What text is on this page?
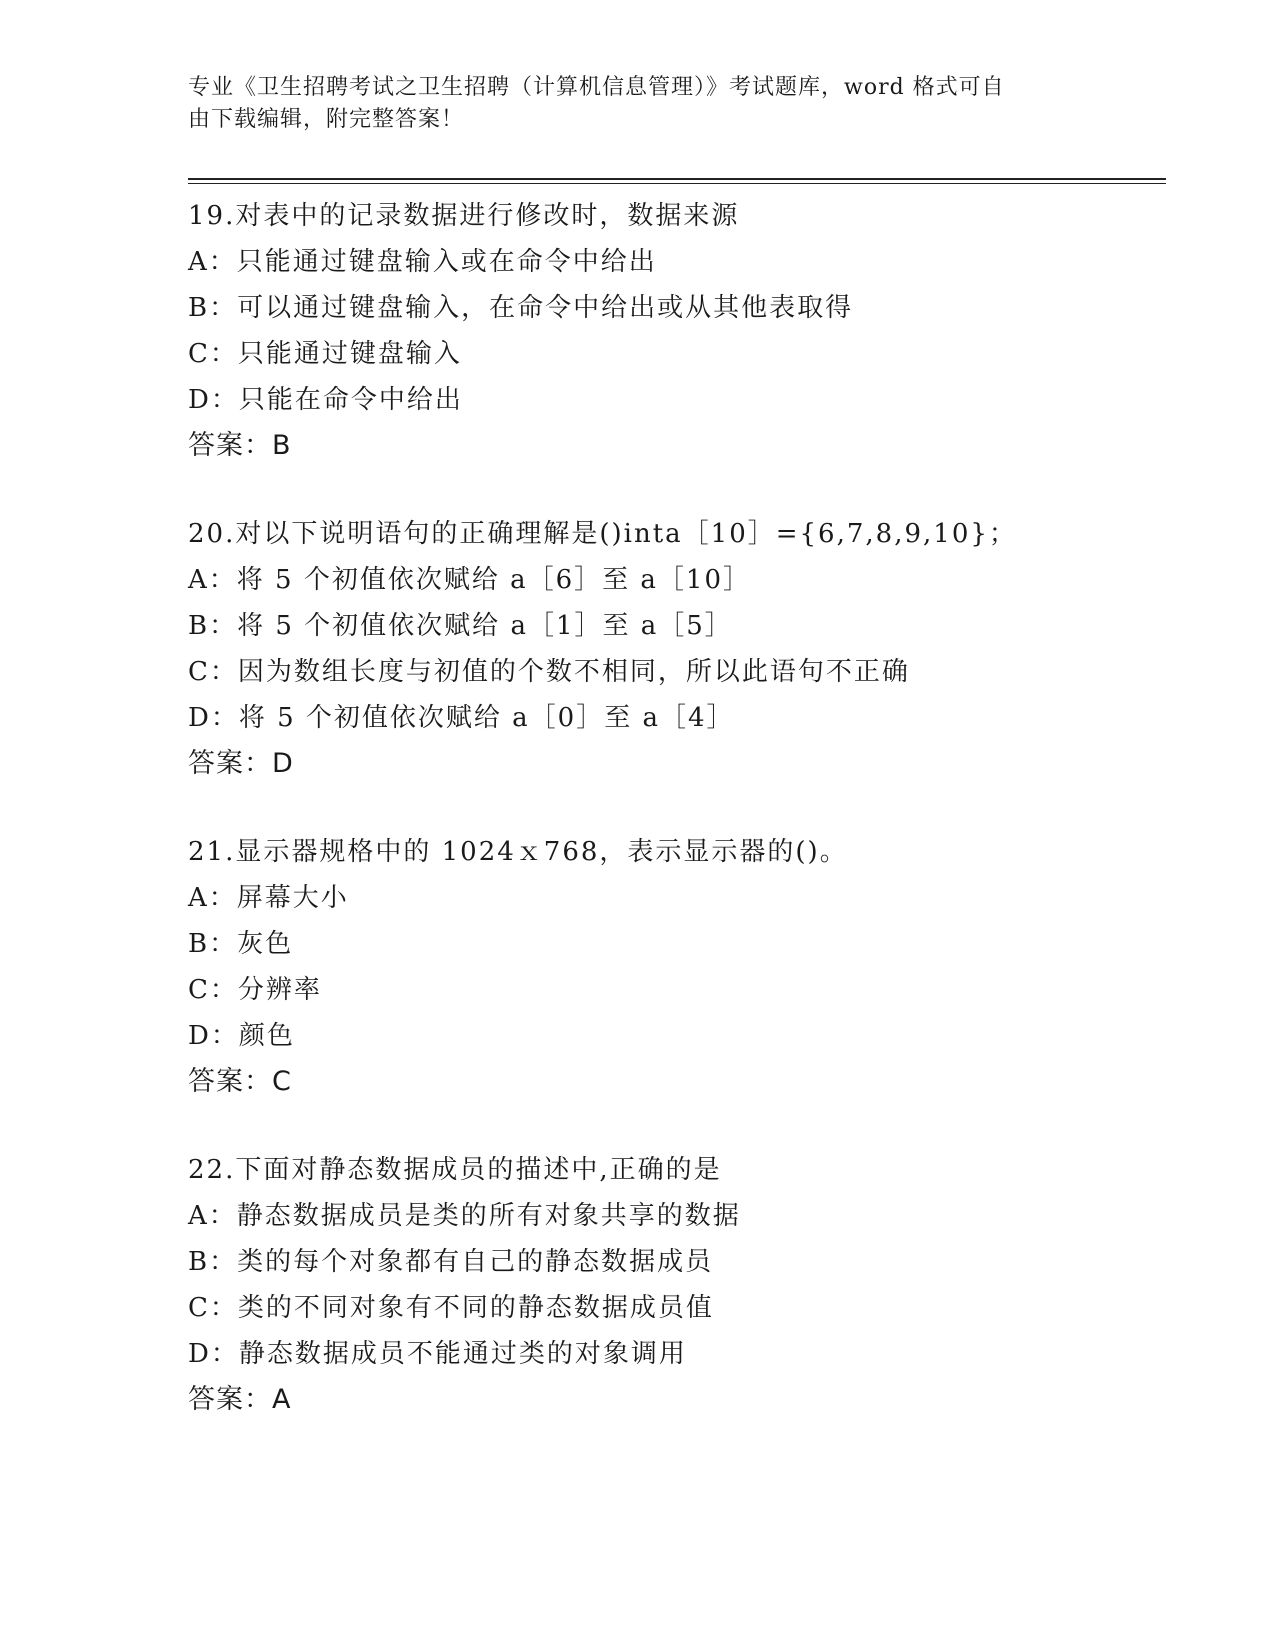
专业《卫生招聘考试之卫生招聘（计算机信息管理）》考试题库，word 格式可自
由下载编辑，附完整答案！
19.对表中的记录数据进行修改时，数据来源
A：只能通过键盘输入或在命令中给出
B：可以通过键盘输入，在命令中给出或从其他表取得
C：只能通过键盘输入
D：只能在命令中给出
答案：B
20.对以下说明语句的正确理解是()inta［10］={6,7,8,9,10}；
A：将 5 个初值依次赋给 a［6］至 a［10］
B：将 5 个初值依次赋给 a［1］至 a［5］
C：因为数组长度与初值的个数不相同，所以此语句不正确
D：将 5 个初值依次赋给 a［0］至 a［4］
答案：D
21.显示器规格中的 1024ｘ768，表示显示器的()。
A：屏幕大小
B：灰色
C：分辨率
D：颜色
答案：C
22.下面对静态数据成员的描述中,正确的是
A：静态数据成员是类的所有对象共享的数据
B：类的每个对象都有自己的静态数据成员
C：类的不同对象有不同的静态数据成员值
D：静态数据成员不能通过类的对象调用
答案：A
